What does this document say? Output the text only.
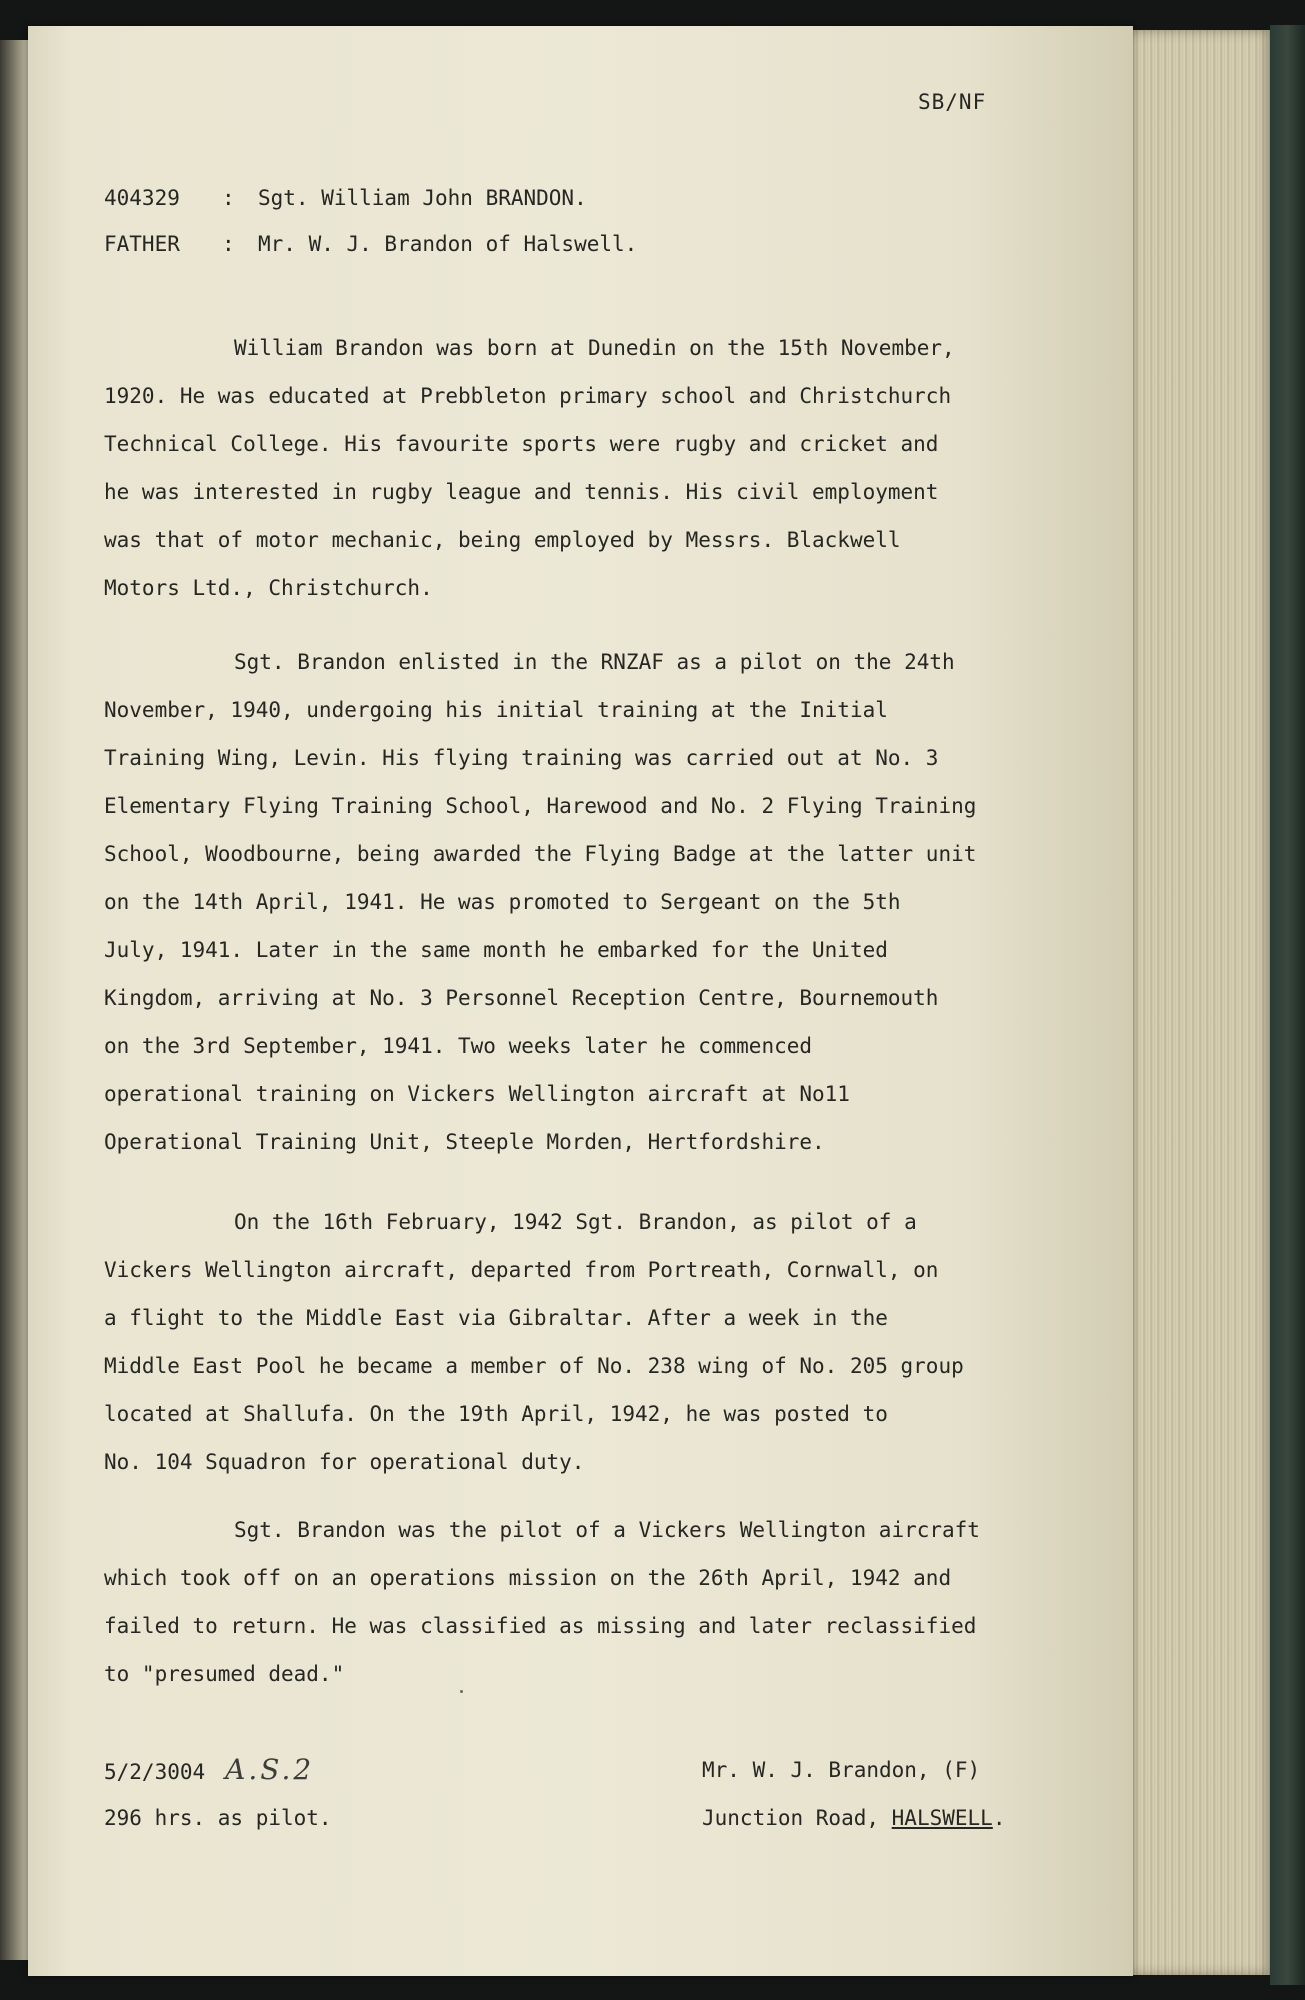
SB/NF
404329 : Sgt. William John BRANDON.
FATHER : Mr. W. J. Brandon of Halswell.
William Brandon was born at Dunedin on the 15th November,
1920. He was educated at Prebbleton primary school and Christchurch
Technical College. His favourite sports were rugby and cricket and
he was interested in rugby league and tennis. His civil employment
was that of motor mechanic, being employed by Messrs. Blackwell
Motors Ltd., Christchurch.
Sgt. Brandon enlisted in the RNZAF as a pilot on the 24th
November, 1940, undergoing his initial training at the Initial
Training Wing, Levin. His flying training was carried out at No. 3
Elementary Flying Training School, Harewood and No. 2 Flying Training
School, Woodbourne, being awarded the Flying Badge at the latter unit
on the 14th April, 1941. He was promoted to Sergeant on the 5th
July, 1941. Later in the same month he embarked for the United
Kingdom, arriving at No. 3 Personnel Reception Centre, Bournemouth
on the 3rd September, 1941. Two weeks later he commenced
operational training on Vickers Wellington aircraft at No11
Operational Training Unit, Steeple Morden, Hertfordshire.
On the 16th February, 1942 Sgt. Brandon, as pilot of a
Vickers Wellington aircraft, departed from Portreath, Cornwall, on
a flight to the Middle East via Gibraltar. After a week in the
Middle East Pool he became a member of No. 238 wing of No. 205 group
located at Shallufa. On the 19th April, 1942, he was posted to
No. 104 Squadron for operational duty.
Sgt. Brandon was the pilot of a Vickers Wellington aircraft
which took off on an operations mission on the 26th April, 1942 and
failed to return. He was classified as missing and later reclassified
to "presumed dead."
5/2/3004 A.S.2
296 hrs. as pilot.
Mr. W. J. Brandon, (F)
Junction Road, HALSWELL.
